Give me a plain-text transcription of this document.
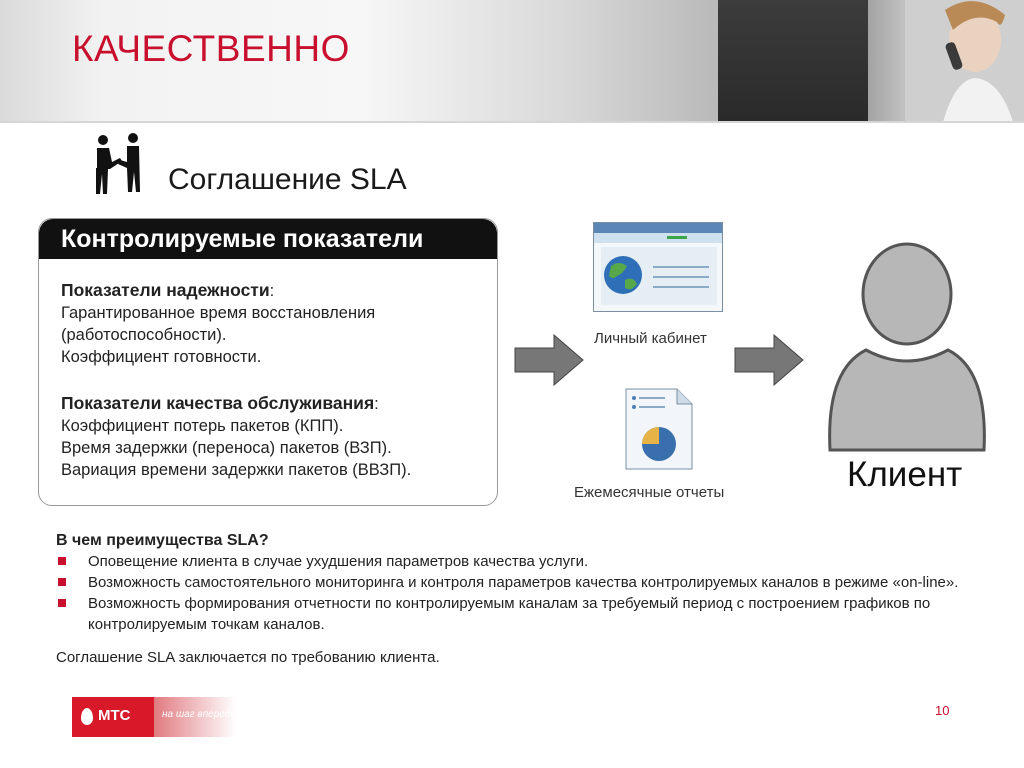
КАЧЕСТВЕННО
Соглашение SLA
Контролируемые показатели
Показатели надежности:
Гарантированное время восстановления
(работоспособности).
Коэффициент готовности.
Показатели качества обслуживания:
Коэффициент потерь пакетов (КПП).
Время задержки (переноса) пакетов (ВЗП).
Вариация времени задержки пакетов (ВВЗП).
Личный кабинет
Ежемесячные отчеты	Клиент
В чем преимущества SLA?
Оповещение клиента в случае ухудшения параметров качества услуги.
Возможность самостоятельного мониторинга и контроля параметров качества контролируемых каналов в режиме «on-line».
Возможность формирования отчетности по контролируемым каналам за требуемый период с построением графиков по контролируемым точкам каналов.
Соглашение SLA заключается по требованию клиента.
МТС	на шаг впереди	10
